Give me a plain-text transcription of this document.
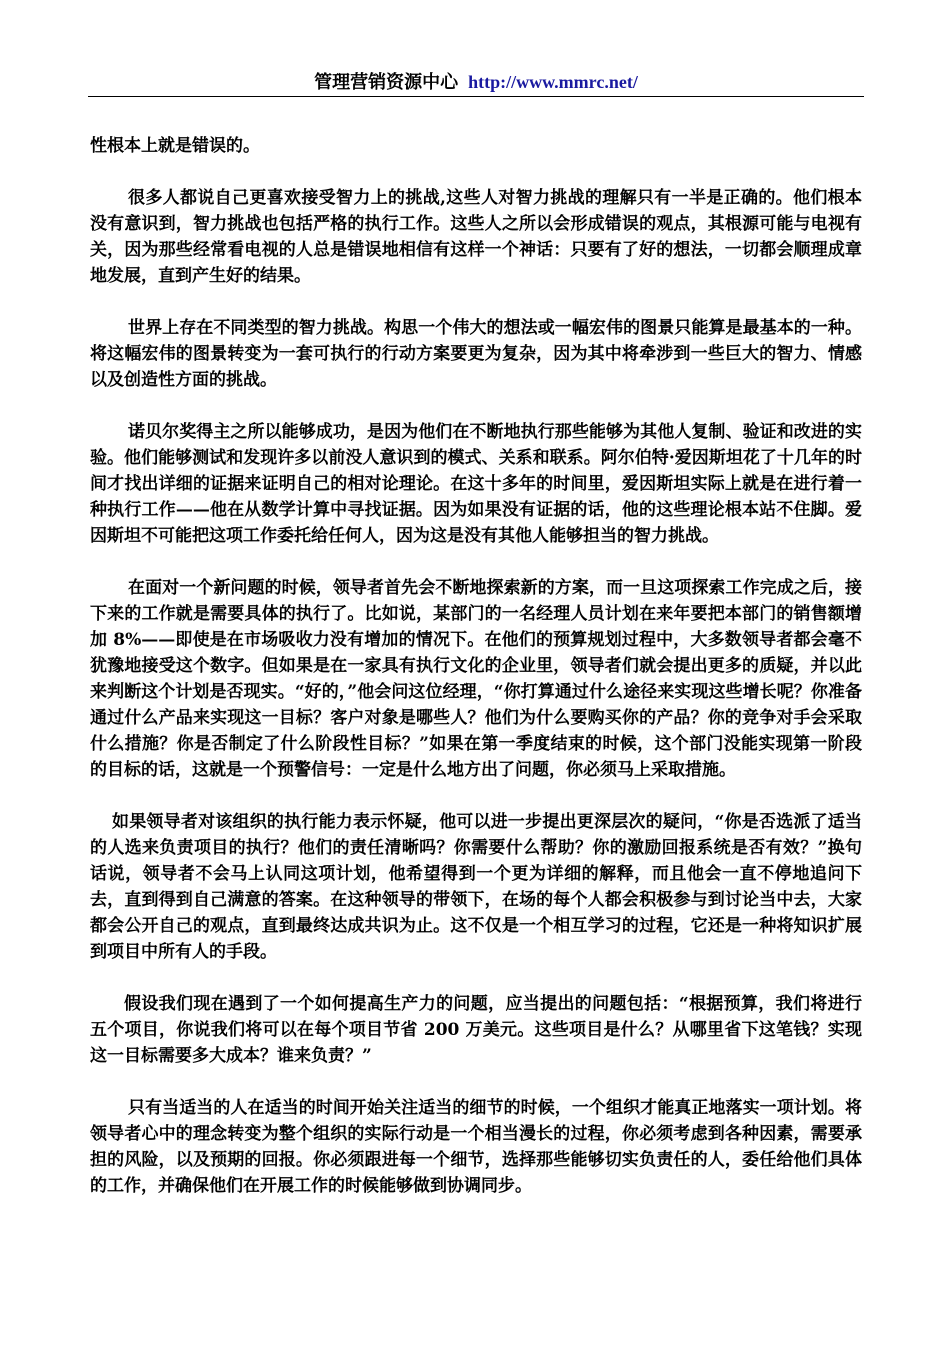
管理营销资源中心 http://www.mmrc.net/

性根本上就是错误的。

很多人都说自己更喜欢接受智力上的挑战,这些人对智力挑战的理解只有一半是正确的。他们根本没有意识到，智力挑战也包括严格的执行工作。这些人之所以会形成错误的观点，其根源可能与电视有关，因为那些经常看电视的人总是错误地相信有这样一个神话：只要有了好的想法，一切都会顺理成章地发展，直到产生好的结果。

世界上存在不同类型的智力挑战。构思一个伟大的想法或一幅宏伟的图景只能算是最基本的一种。将这幅宏伟的图景转变为一套可执行的行动方案要更为复杂，因为其中将牵涉到一些巨大的智力、情感以及创造性方面的挑战。

诺贝尔奖得主之所以能够成功，是因为他们在不断地执行那些能够为其他人复制、验证和改进的实验。他们能够测试和发现许多以前没人意识到的模式、关系和联系。阿尔伯特·爱因斯坦花了十几年的时间才找出详细的证据来证明自己的相对论理论。在这十多年的时间里，爱因斯坦实际上就是在进行着一种执行工作——他在从数学计算中寻找证据。因为如果没有证据的话，他的这些理论根本站不住脚。爱因斯坦不可能把这项工作委托给任何人，因为这是没有其他人能够担当的智力挑战。

在面对一个新问题的时候，领导者首先会不断地探索新的方案，而一旦这项探索工作完成之后，接下来的工作就是需要具体的执行了。比如说，某部门的一名经理人员计划在来年要把本部门的销售额增加 8%——即使是在市场吸收力没有增加的情况下。在他们的预算规划过程中，大多数领导者都会毫不犹豫地接受这个数字。但如果是在一家具有执行文化的企业里，领导者们就会提出更多的质疑，并以此来判断这个计划是否现实。“好的，”他会问这位经理，“你打算通过什么途径来实现这些增长呢？你准备通过什么产品来实现这一目标？客户对象是哪些人？他们为什么要购买你的产品？你的竞争对手会采取什么措施？你是否制定了什么阶段性目标？”如果在第一季度结束的时候，这个部门没能实现第一阶段的目标的话，这就是一个预警信号：一定是什么地方出了问题，你必须马上采取措施。

如果领导者对该组织的执行能力表示怀疑，他可以进一步提出更深层次的疑问，“你是否选派了适当的人选来负责项目的执行？他们的责任清晰吗？你需要什么帮助？你的激励回报系统是否有效？”换句话说，领导者不会马上认同这项计划，他希望得到一个更为详细的解释，而且他会一直不停地追问下去，直到得到自己满意的答案。在这种领导的带领下，在场的每个人都会积极参与到讨论当中去，大家都会公开自己的观点，直到最终达成共识为止。这不仅是一个相互学习的过程，它还是一种将知识扩展到项目中所有人的手段。

假设我们现在遇到了一个如何提高生产力的问题，应当提出的问题包括：“根据预算，我们将进行五个项目，你说我们将可以在每个项目节省 200 万美元。这些项目是什么？从哪里省下这笔钱？实现这一目标需要多大成本？谁来负责？”

只有当适当的人在适当的时间开始关注适当的细节的时候，一个组织才能真正地落实一项计划。将领导者心中的理念转变为整个组织的实际行动是一个相当漫长的过程，你必须考虑到各种因素，需要承担的风险，以及预期的回报。你必须跟进每一个细节，选择那些能够切实负责任的人，委任给他们具体的工作，并确保他们在开展工作的时候能够做到协调同步。
